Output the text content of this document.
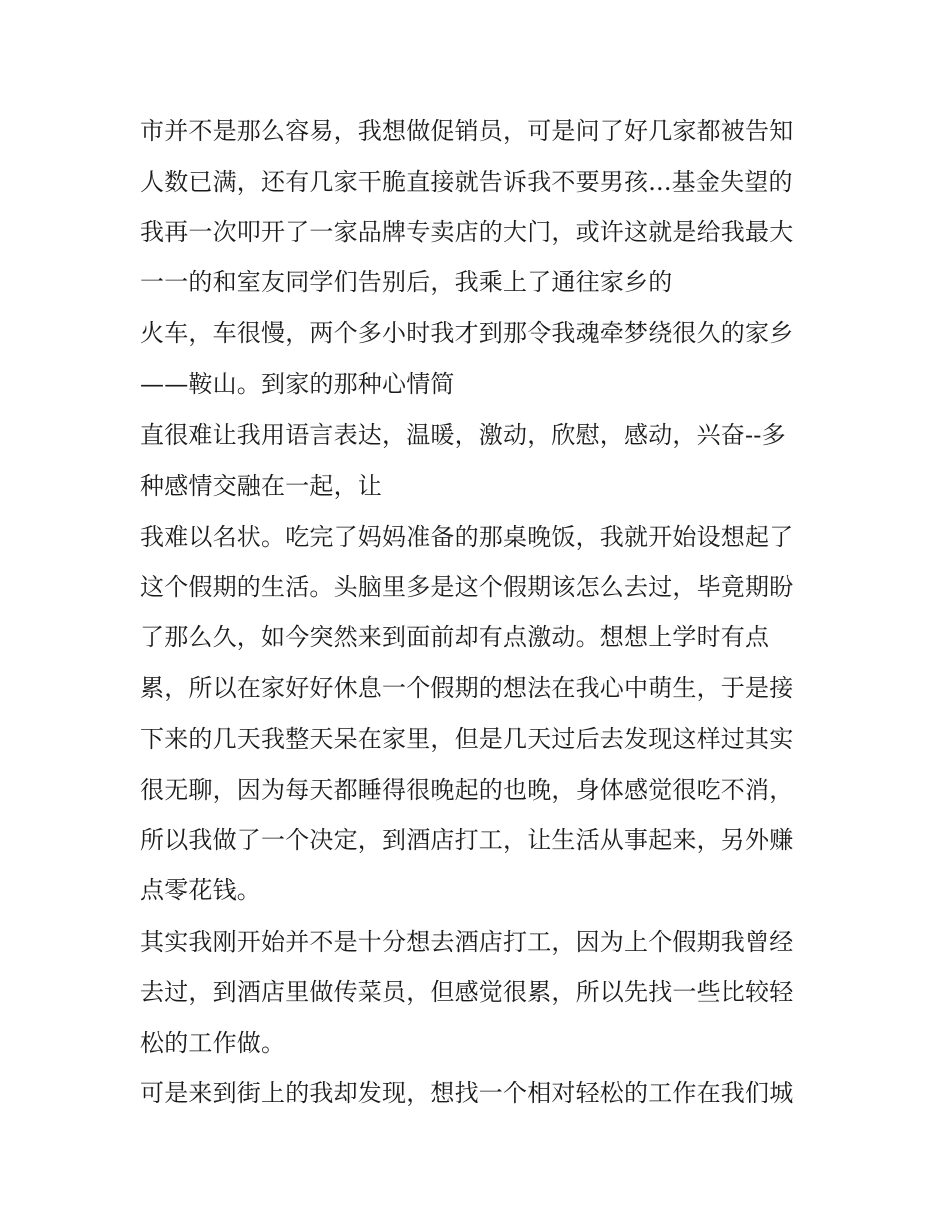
市并不是那么容易，我想做促销员，可是问了好几家都被告知
人数已满，还有几家干脆直接就告诉我不要男孩...基金失望的
我再一次叩开了一家品牌专卖店的大门，或许这就是给我最大
一一的和室友同学们告别后，我乘上了通往家乡的
火车，车很慢，两个多小时我才到那令我魂牵梦绕很久的家乡
——鞍山。到家的那种心情简
直很难让我用语言表达，温暖，激动，欣慰，感动，兴奋--多
种感情交融在一起，让
我难以名状。吃完了妈妈准备的那桌晚饭，我就开始设想起了
这个假期的生活。头脑里多是这个假期该怎么去过，毕竟期盼
了那么久，如今突然来到面前却有点激动。想想上学时有点
累，所以在家好好休息一个假期的想法在我心中萌生，于是接
下来的几天我整天呆在家里，但是几天过后去发现这样过其实
很无聊，因为每天都睡得很晚起的也晚，身体感觉很吃不消，
所以我做了一个决定，到酒店打工，让生活从事起来，另外赚
点零花钱。
其实我刚开始并不是十分想去酒店打工，因为上个假期我曾经
去过，到酒店里做传菜员，但感觉很累，所以先找一些比较轻
松的工作做。
可是来到街上的我却发现，想找一个相对轻松的工作在我们城
